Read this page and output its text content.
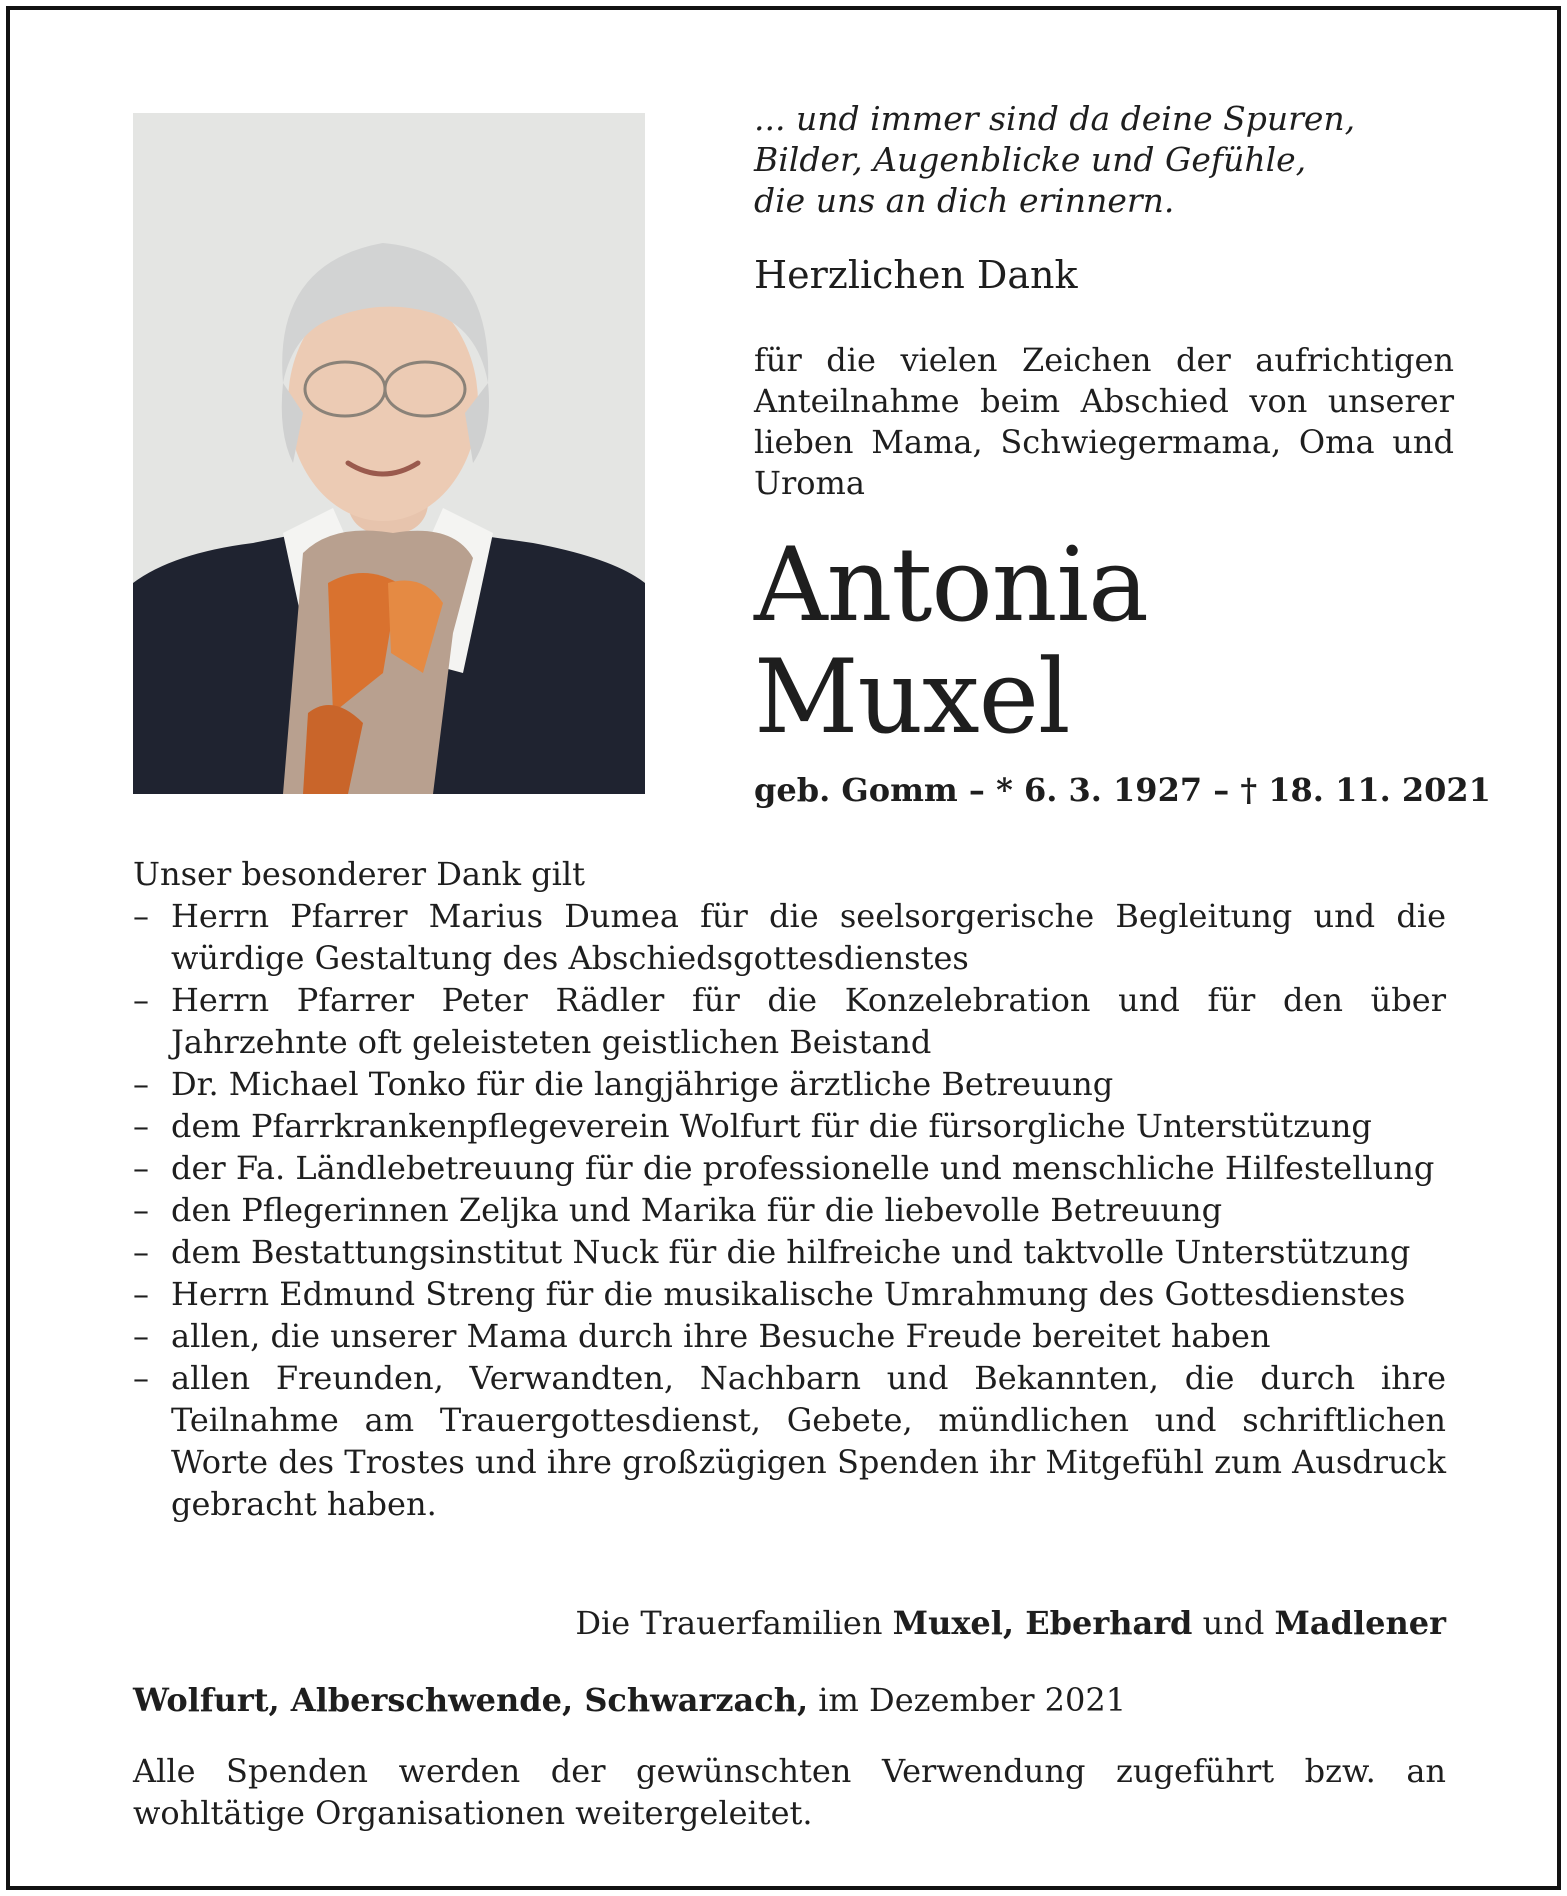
... und immer sind da deine Spuren,
Bilder, Augenblicke und Gefühle,
die uns an dich erinnern.
Herzlichen Dank
für die vielen Zeichen der aufrichtigen Anteilnahme beim Abschied von unserer lieben Mama, Schwiegermama, Oma und Uroma
Antonia
Muxel
geb. Gomm – * 6. 3. 1927 – † 18. 11. 2021
Unser besonderer Dank gilt
– Herrn Pfarrer Marius Dumea für die seelsorgerische Begleitung und die würdige Gestaltung des Abschiedsgottesdienstes
– Herrn Pfarrer Peter Rädler für die Konzelebration und für den über Jahrzehnte oft geleisteten geistlichen Beistand
– Dr. Michael Tonko für die langjährige ärztliche Betreuung
– dem Pfarrkrankenpflegeverein Wolfurt für die fürsorgliche Unterstützung
– der Fa. Ländlebetreuung für die professionelle und menschliche Hilfestellung
– den Pflegerinnen Zeljka und Marika für die liebevolle Betreuung
– dem Bestattungsinstitut Nuck für die hilfreiche und taktvolle Unterstützung
– Herrn Edmund Streng für die musikalische Umrahmung des Gottesdienstes
– allen, die unserer Mama durch ihre Besuche Freude bereitet haben
– allen Freunden, Verwandten, Nachbarn und Bekannten, die durch ihre Teilnahme am Trauergottesdienst, Gebete, mündlichen und schriftlichen Worte des Trostes und ihre großzügigen Spenden ihr Mitgefühl zum Ausdruck gebracht haben.
Die Trauerfamilien Muxel, Eberhard und Madlener
Wolfurt, Alberschwende, Schwarzach, im Dezember 2021
Alle Spenden werden der gewünschten Verwendung zugeführt bzw. an wohltätige Organisationen weitergeleitet.
